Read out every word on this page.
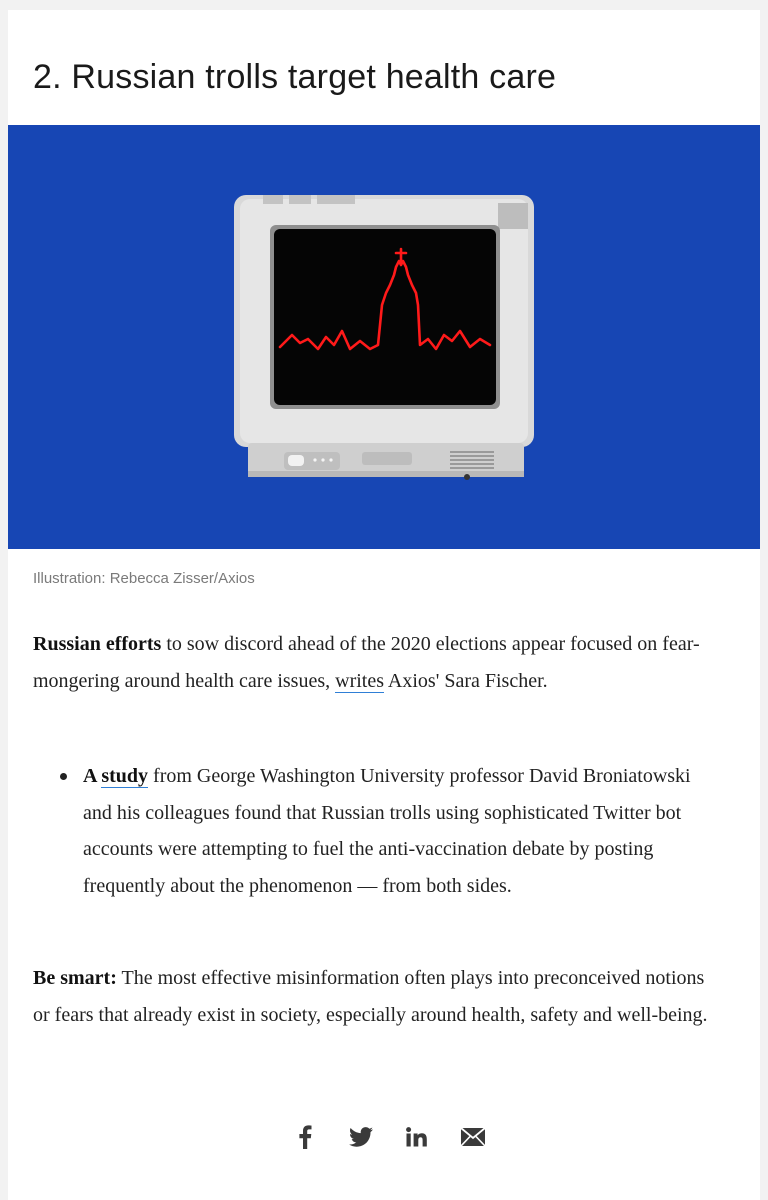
2. Russian trolls target health care
Illustration: Rebecca Zisser/Axios

Russian efforts to sow discord ahead of the 2020 elections appear focused on fear-mongering around health care issues, writes Axios' Sara Fischer.

A study from George Washington University professor David Broniatowski and his colleagues found that Russian trolls using sophisticated Twitter bot accounts were attempting to fuel the anti-vaccination debate by posting frequently about the phenomenon — from both sides.

Be smart: The most effective misinformation often plays into preconceived notions or fears that already exist in society, especially around health, safety and well-being.
